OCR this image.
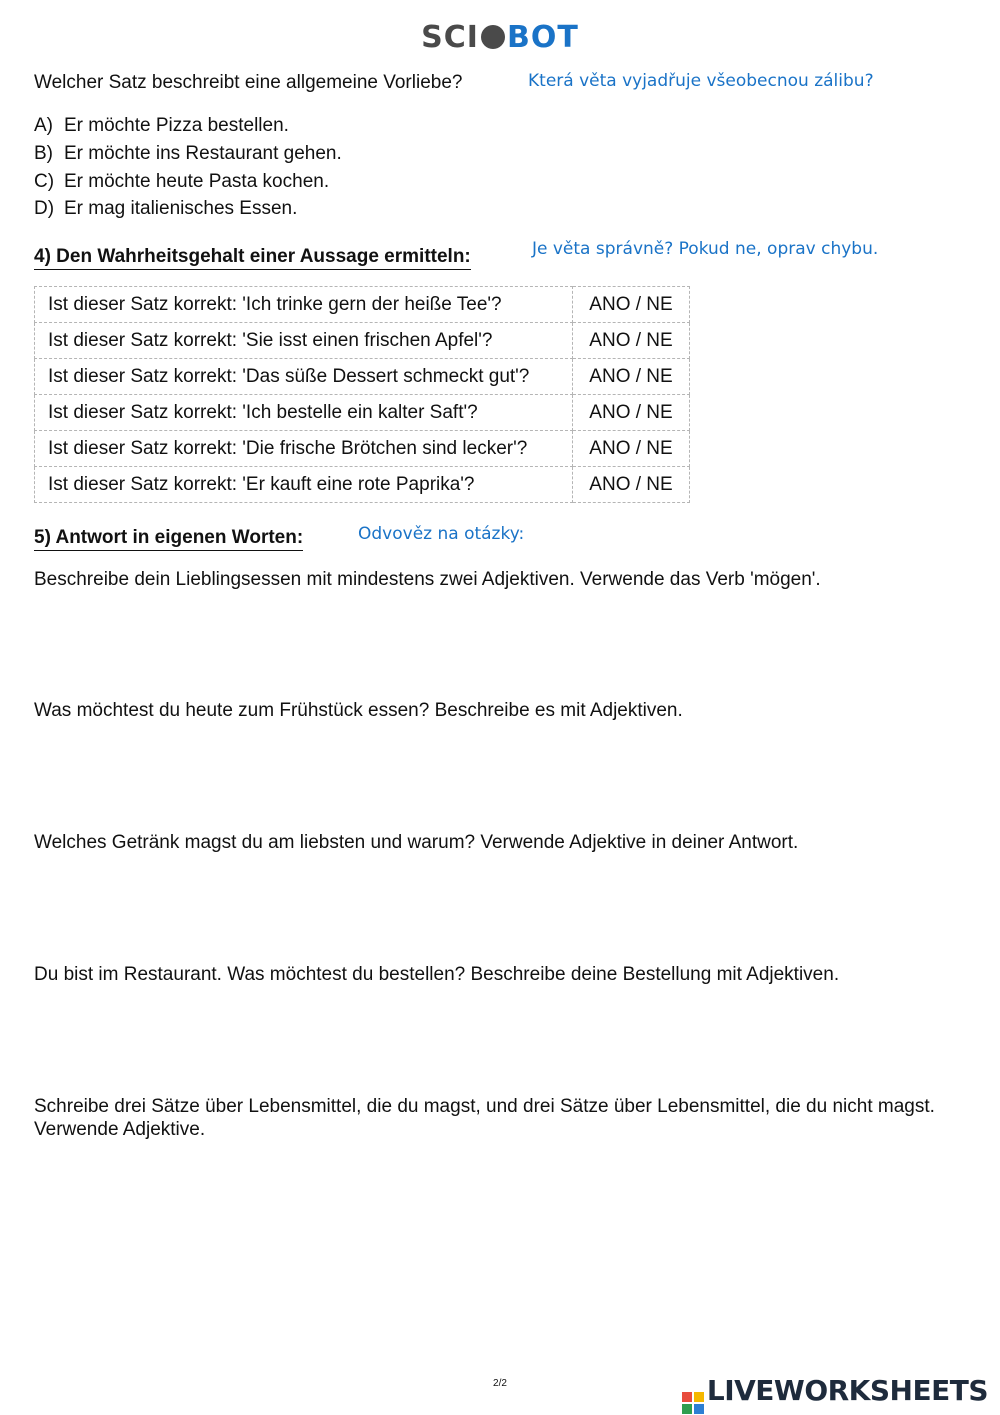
SCI BOT
Welcher Satz beschreibt eine allgemeine Vorliebe?	Která věta vyjadřuje všeobecnou zálibu?
A) Er möchte Pizza bestellen.
B) Er möchte ins Restaurant gehen.
C) Er möchte heute Pasta kochen.
D) Er mag italienisches Essen.
4) Den Wahrheitsgehalt einer Aussage ermitteln:	Je věta správně? Pokud ne, oprav chybu.
Ist dieser Satz korrekt: 'Ich trinke gern der heiße Tee'?	ANO / NE
Ist dieser Satz korrekt: 'Sie isst einen frischen Apfel'?	ANO / NE
Ist dieser Satz korrekt: 'Das süße Dessert schmeckt gut'?	ANO / NE
Ist dieser Satz korrekt: 'Ich bestelle ein kalter Saft'?	ANO / NE
Ist dieser Satz korrekt: 'Die frische Brötchen sind lecker'?	ANO / NE
Ist dieser Satz korrekt: 'Er kauft eine rote Paprika'?	ANO / NE
5) Antwort in eigenen Worten:	Odvověz na otázky:
Beschreibe dein Lieblingsessen mit mindestens zwei Adjektiven. Verwende das Verb 'mögen'.
Was möchtest du heute zum Frühstück essen? Beschreibe es mit Adjektiven.
Welches Getränk magst du am liebsten und warum? Verwende Adjektive in deiner Antwort.
Du bist im Restaurant. Was möchtest du bestellen? Beschreibe deine Bestellung mit Adjektiven.
Schreibe drei Sätze über Lebensmittel, die du magst, und drei Sätze über Lebensmittel, die du nicht magst. Verwende Adjektive.
2/2	LIVEWORKSHEETS
